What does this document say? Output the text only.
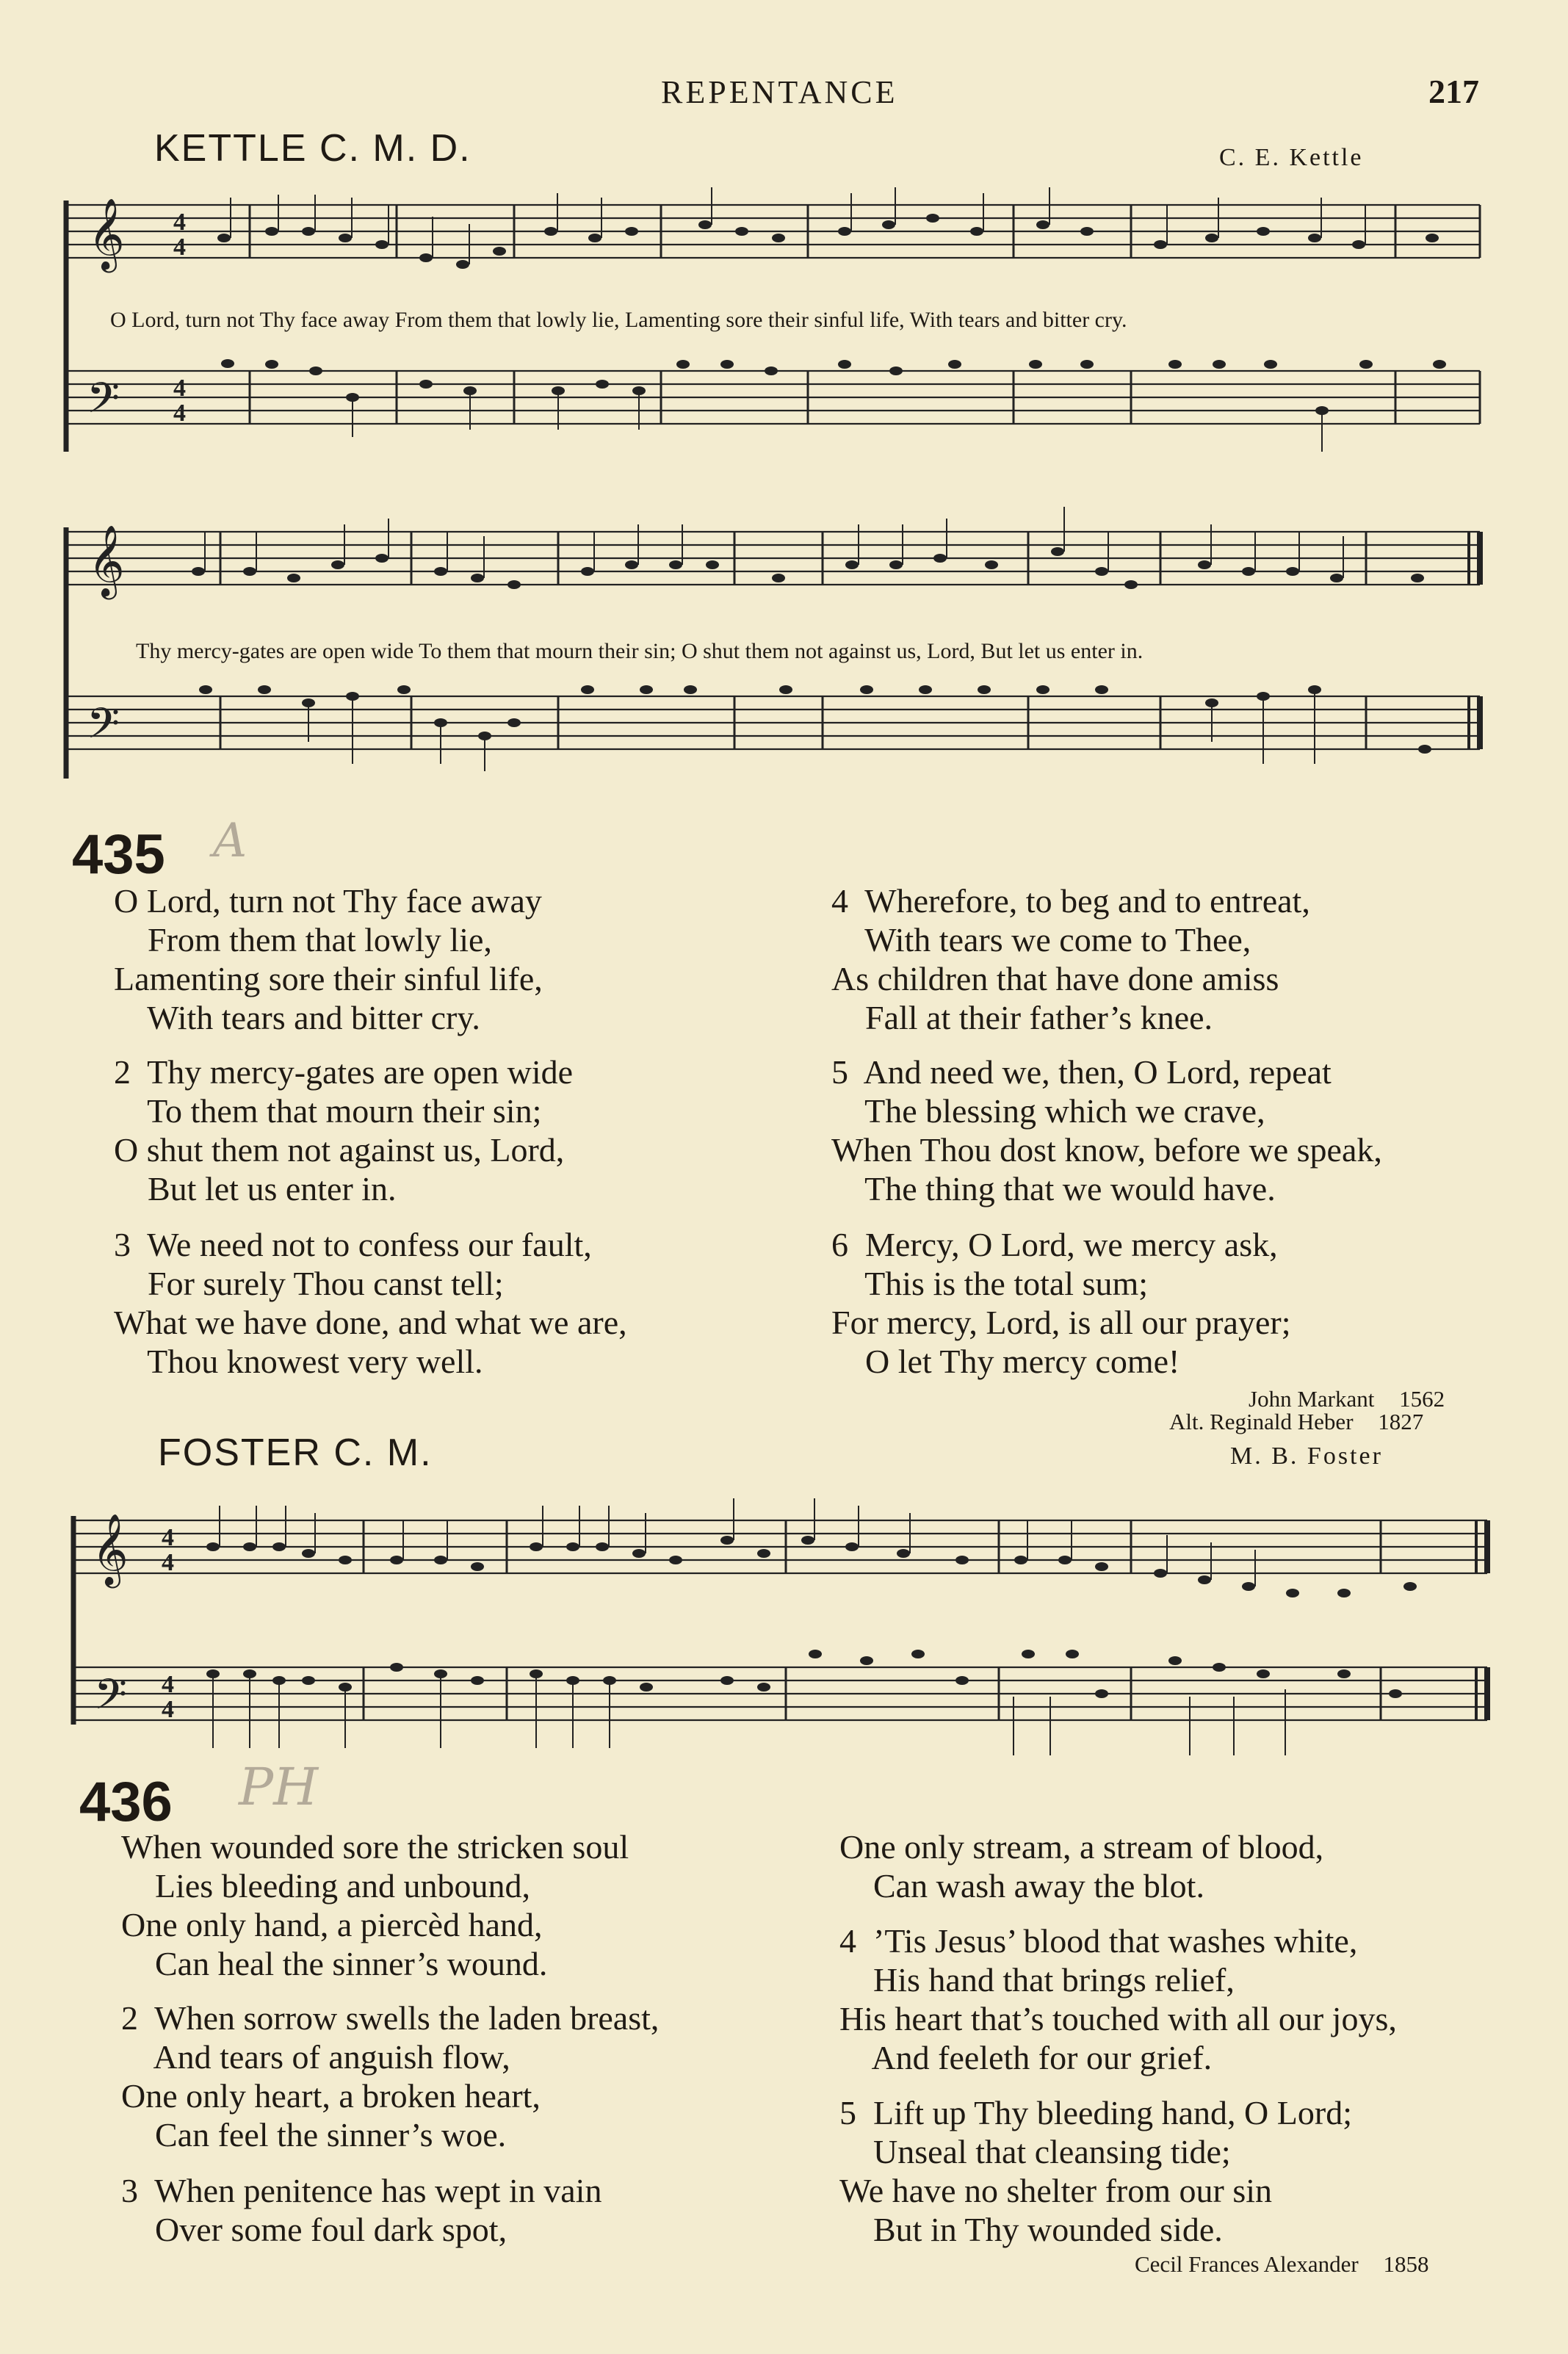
REPENTANCE	217
KETTLE C. M. D.	C. E. Kettle
𝄞
𝄢
4
4
4
4
O Lord, turn not Thy face away From them that lowly lie, Lamenting sore their sinful life, With tears and bitter cry.
𝄞
𝄢
Thy mercy-gates are open wide To them that mourn their sin; O shut them not against us, Lord, But let us enter in.
435 A
O Lord, turn not Thy face away
From them that lowly lie,
Lamenting sore their sinful life,
With tears and bitter cry.
2  Thy mercy-gates are open wide
To them that mourn their sin;
O shut them not against us, Lord,
But let us enter in.
3  We need not to confess our fault,
For surely Thou canst tell;
What we have done, and what we are,
Thou knowest very well.
4  Wherefore, to beg and to entreat,
With tears we come to Thee,
As children that have done amiss
Fall at their father’s knee.
5  And need we, then, O Lord, repeat
The blessing which we crave,
When Thou dost know, before we speak,
The thing that we would have.
6  Mercy, O Lord, we mercy ask,
This is the total sum;
For mercy, Lord, is all our prayer;
O let Thy mercy come!
John Markant 1562
Alt. Reginald Heber 1827
FOSTER C. M.	M. B. Foster
𝄞
𝄢
4
4
4
4
436 PH
When wounded sore the stricken soul
Lies bleeding and unbound,
One only hand, a piercèd hand,
Can heal the sinner’s wound.
2  When sorrow swells the laden breast,
And tears of anguish flow,
One only heart, a broken heart,
Can feel the sinner’s woe.
3  When penitence has wept in vain
Over some foul dark spot,
One only stream, a stream of blood,
Can wash away the blot.
4  ’Tis Jesus’ blood that washes white,
His hand that brings relief,
His heart that’s touched with all our joys,
And feeleth for our grief.
5  Lift up Thy bleeding hand, O Lord;
Unseal that cleansing tide;
We have no shelter from our sin
But in Thy wounded side.
Cecil Frances Alexander 1858
